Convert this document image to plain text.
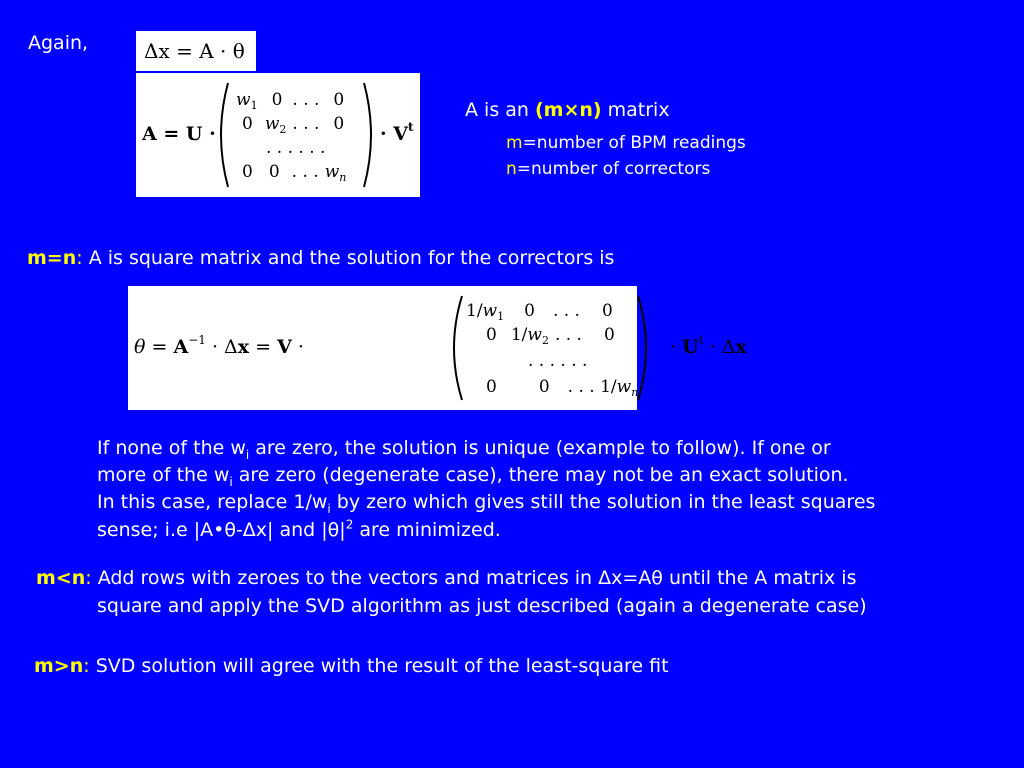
Again,	Δx = A · θ
A = U ·
$w_1$ 0 . . . 0
0 $w_2$ . . . 0
. . . . . .
0 0 . . . $w_n$
· $V^t$
A is an (m×n) matrix
m=number of BPM readings
n=number of correctors
m=n: A is square matrix and the solution for the correctors is
$\theta = A^{-1} \cdot \Delta x = V$ ·
$1/w_1$ 0 . . . 0
0 $1/w_2$ . . . 0
. . . . . .
0 0 . . . $1/w_n$
· $U^t \cdot \Delta x$
If none of the $w_i$ are zero, the solution is unique (example to follow). If one or
more of the $w_i$ are zero (degenerate case), there may not be an exact solution.
In this case, replace $1/w_i$ by zero which gives still the solution in the least squares
sense; i.e |A•θ-Δx| and $|\theta|^2$ are minimized.
m<n: Add rows with zeroes to the vectors and matrices in Δx=Aθ until the A matrix is
square and apply the SVD algorithm as just described (again a degenerate case)
m>n: SVD solution will agree with the result of the least-square fit
